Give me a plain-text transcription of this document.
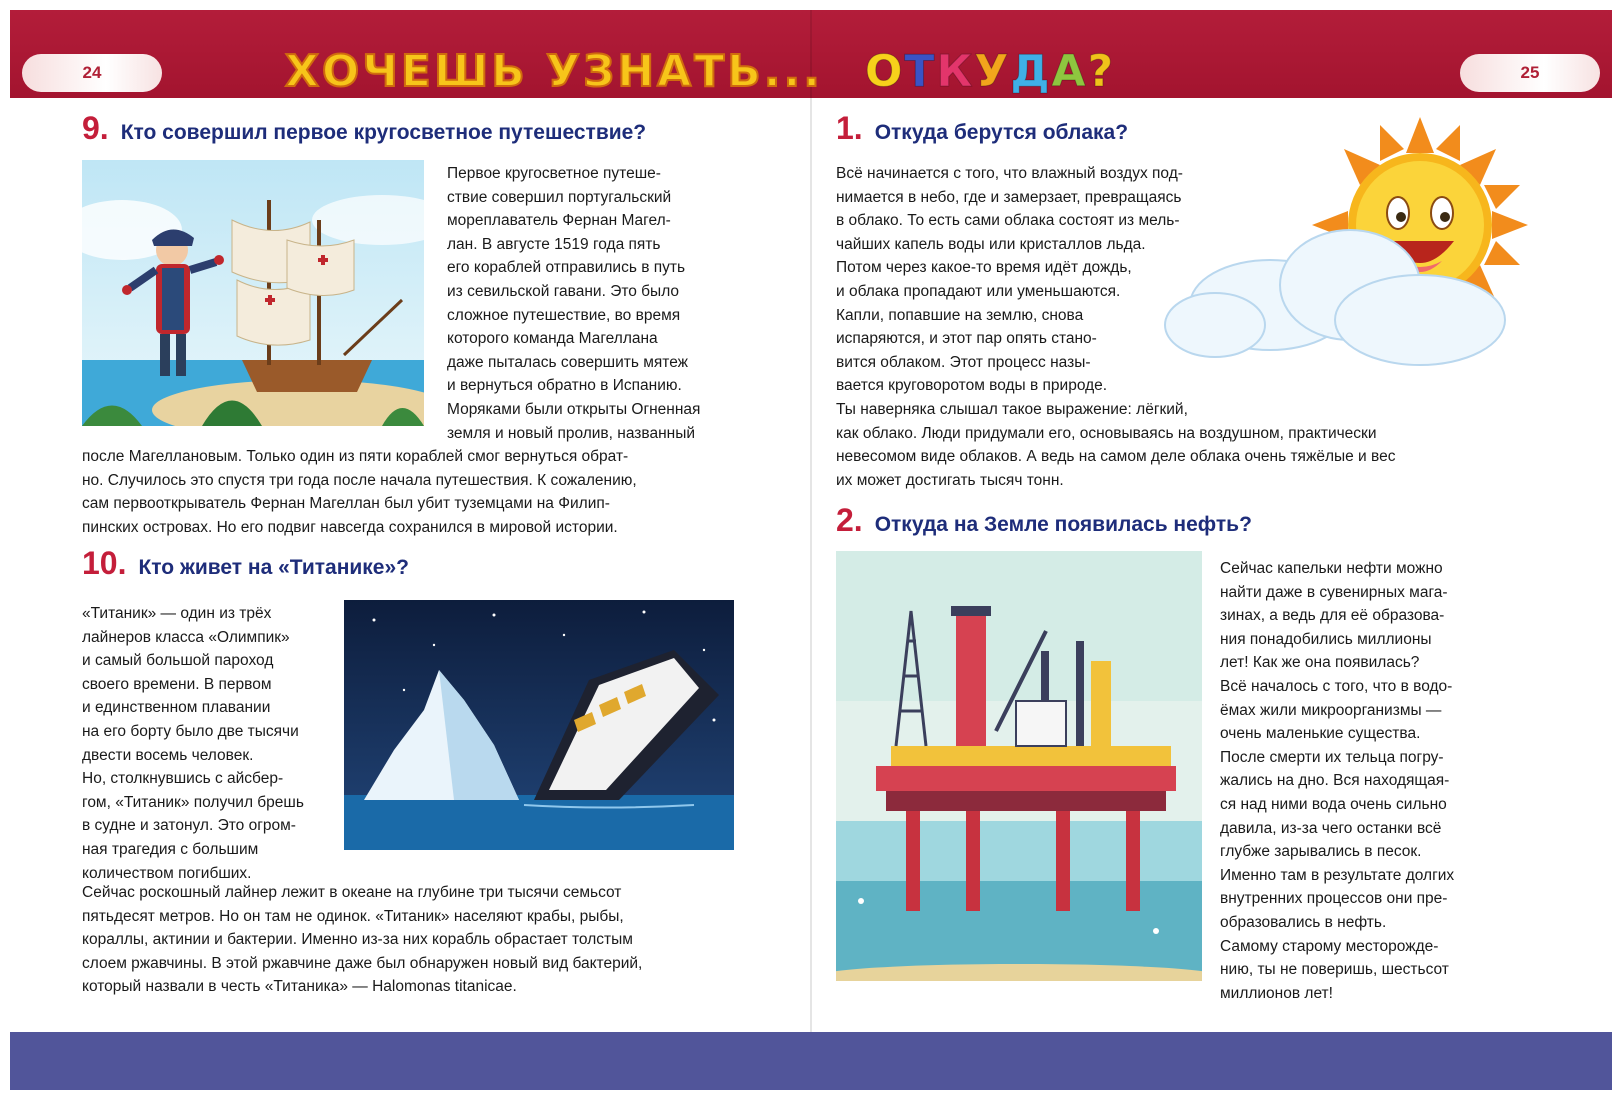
24	25
ХОЧЕШЬ УЗНАТЬ... О Т К У Д А ?
9. Кто совершил первое кругосветное путешествие?
Первое кругосветное путеше-
ствие совершил португальский
мореплаватель Фернан Магел-
лан. В августе 1519 года пять
его кораблей отправились в путь
из севильской гавани. Это было
сложное путешествие, во время
которого команда Магеллана
даже пыталась совершить мятеж
и вернуться обратно в Испанию.
Моряками были открыты Огненная
земля и новый пролив, названный
после Магеллановым. Только один из пяти кораблей смог вернуться обрат-
но. Случилось это спустя три года после начала путешествия. К сожалению,
сам первооткрыватель Фернан Магеллан был убит туземцами на Филип-
пинских островах. Но его подвиг навсегда сохранился в мировой истории.
10. Кто живет на «Титанике»?
«Титаник» — один из трёх
лайнеров класса «Олимпик»
и самый большой пароход
своего времени. В первом
и единственном плавании
на его борту было две тысячи
двести восемь человек.
Но, столкнувшись с айсбер-
гом, «Титаник» получил брешь
в судне и затонул. Это огром-
ная трагедия с большим
количеством погибших.
Сейчас роскошный лайнер лежит в океане на глубине три тысячи семьсот
пятьдесят метров. Но он там не одинок. «Титаник» населяют крабы, рыбы,
кораллы, актинии и бактерии. Именно из-за них корабль обрастает толстым
слоем ржавчины. В этой ржавчине даже был обнаружен новый вид бактерий,
который назвали в честь «Титаника» — Halomonas titanicae.
1. Откуда берутся облака?
Всё начинается с того, что влажный воздух под-
нимается в небо, где и замерзает, превращаясь
в облако. То есть сами облака состоят из мель-
чайших капель воды или кристаллов льда.
Потом через какое-то время идёт дождь,
и облака пропадают или уменьшаются.
Капли, попавшие на землю, снова
испаряются, и этот пар опять стано-
вится облаком. Этот процесс назы-
вается круговоротом воды в природе.
Ты наверняка слышал такое выражение: лёгкий,
как облако. Люди придумали его, основываясь на воздушном, практически
невесомом виде облаков. А ведь на самом деле облака очень тяжёлые и вес
их может достигать тысяч тонн.
2. Откуда на Земле появилась нефть?
Сейчас капельки нефти можно
найти даже в сувенирных мага-
зинах, а ведь для её образова-
ния понадобились миллионы
лет! Как же она появилась?
Всё началось с того, что в водо-
ёмах жили микроорганизмы —
очень маленькие существа.
После смерти их тельца погру-
жались на дно. Вся находящая-
ся над ними вода очень сильно
давила, из-за чего останки всё
глубже зарывались в песок.
Именно там в результате долгих
внутренних процессов они пре-
образовались в нефть.
Самому старому месторожде-
нию, ты не поверишь, шестьсот
миллионов лет!
